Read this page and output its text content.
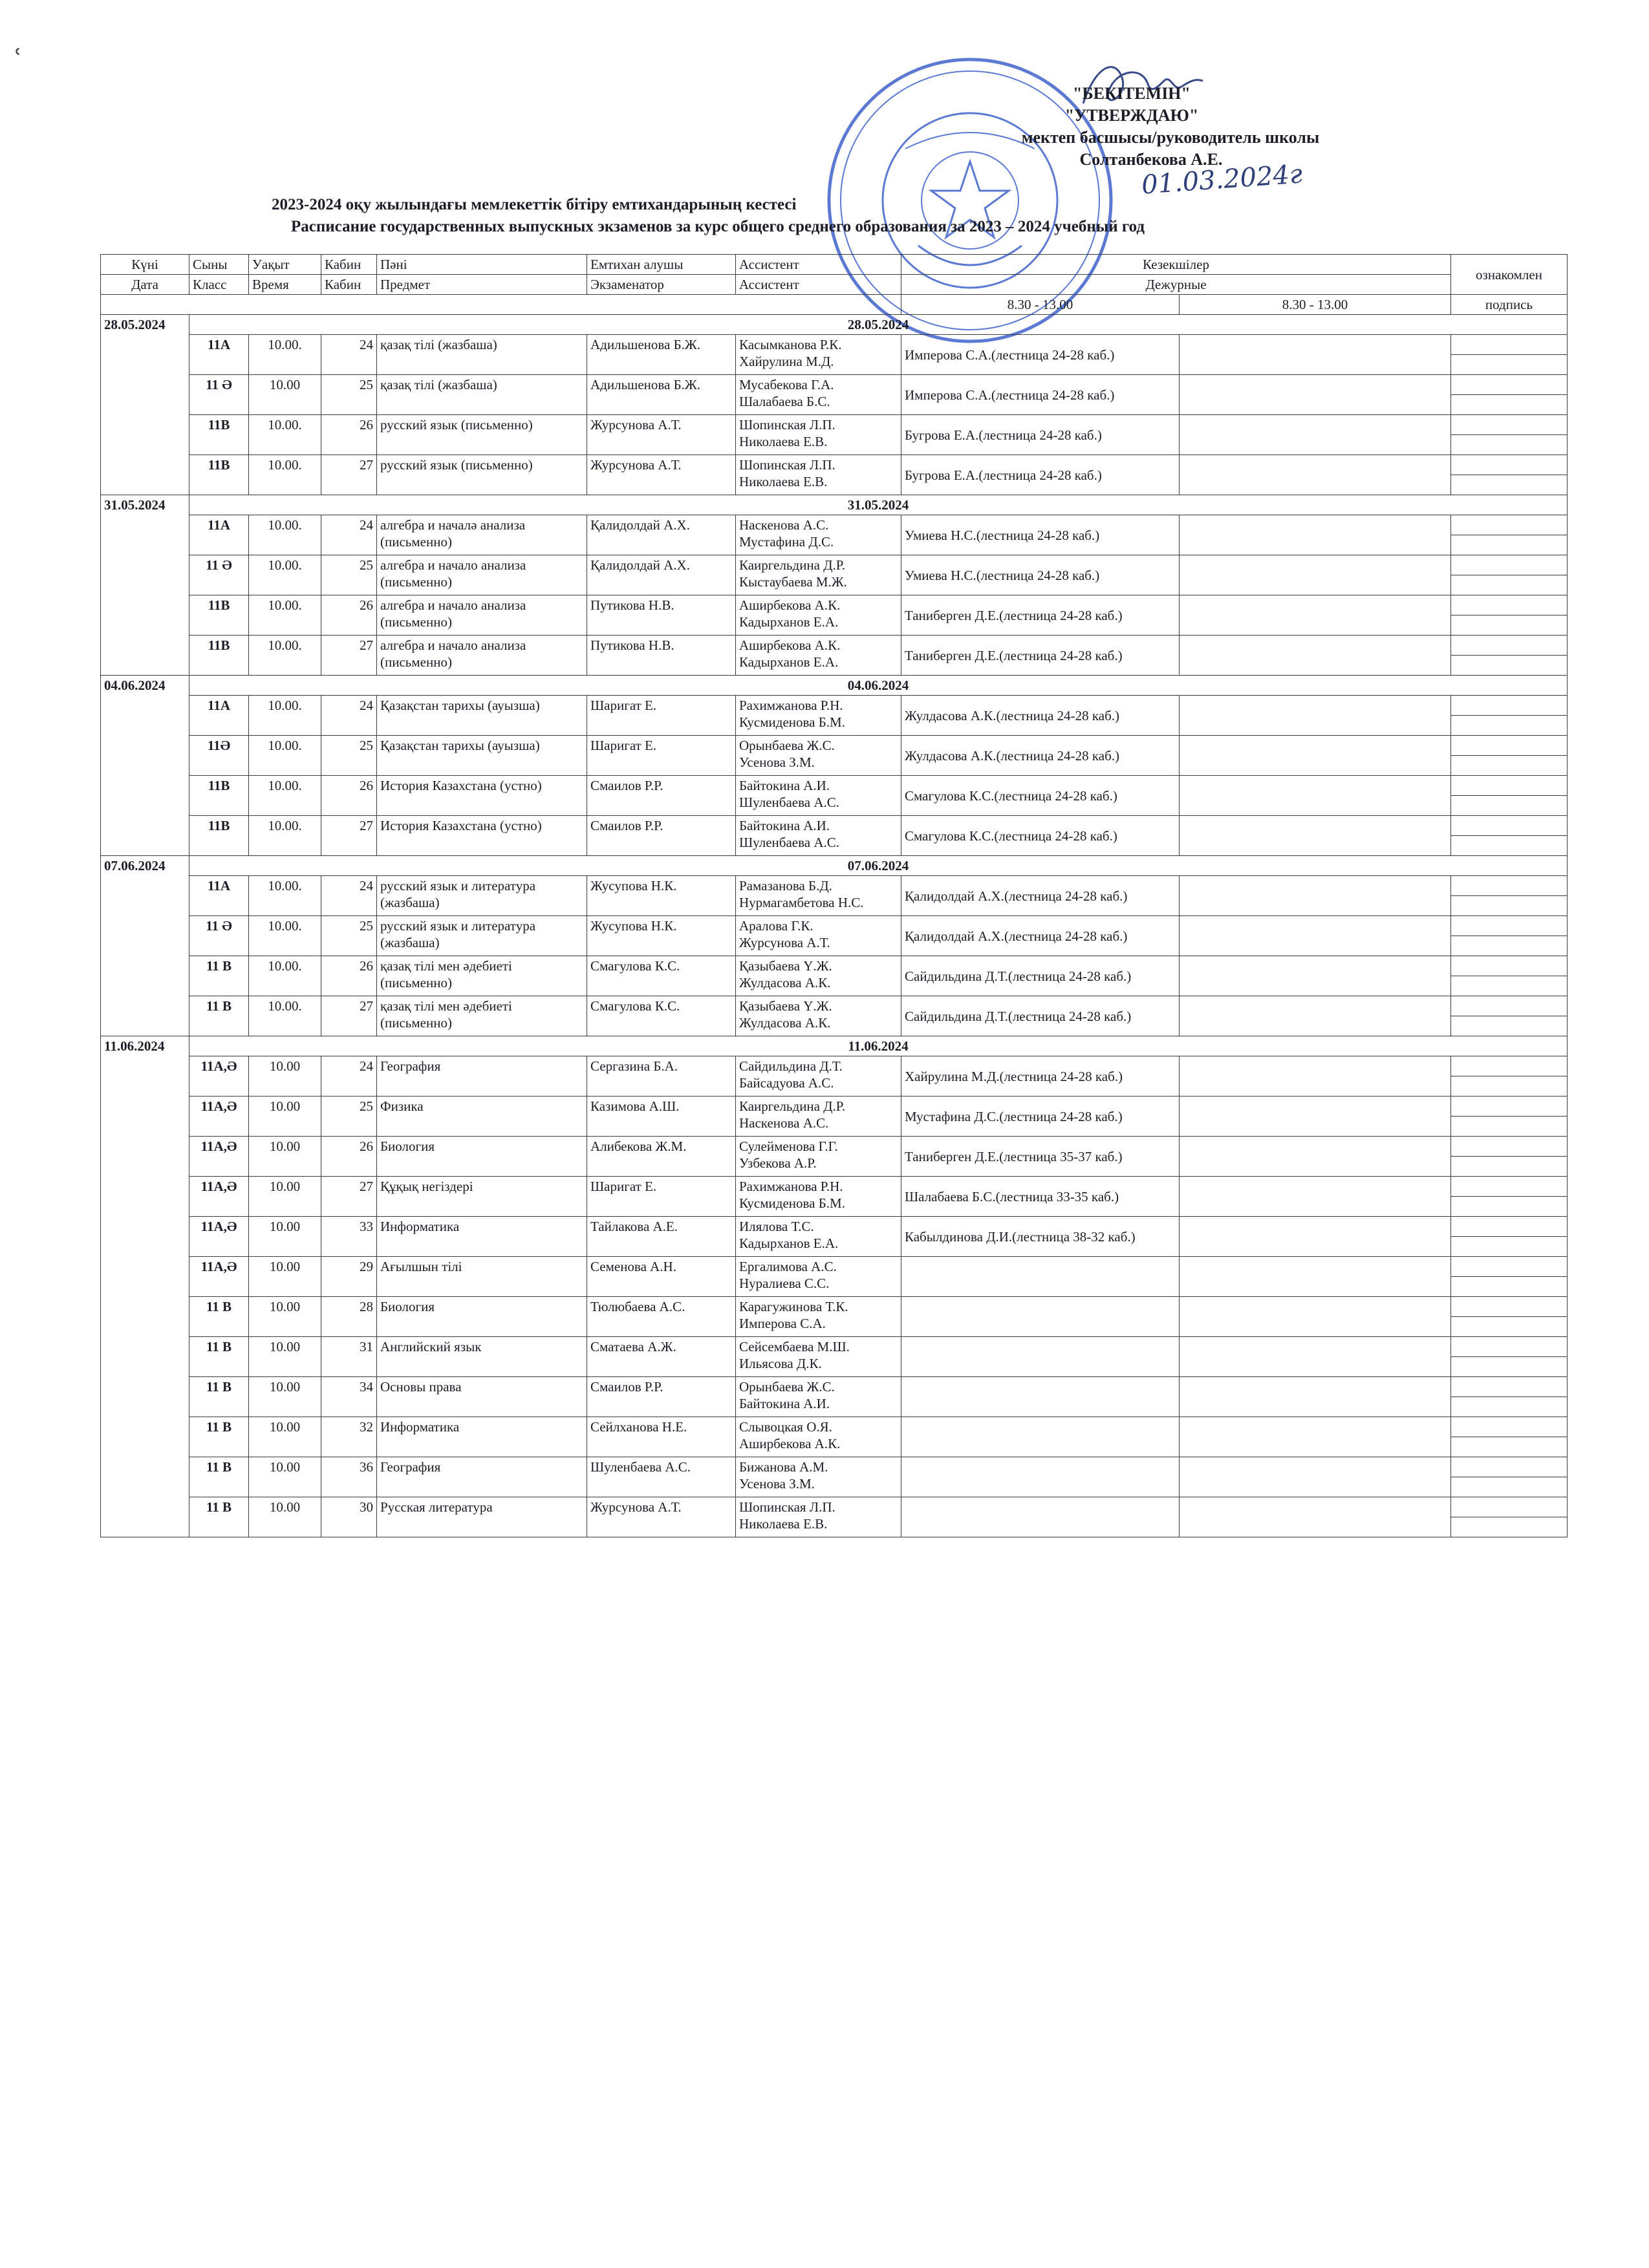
ՙ
"БЕКІТЕМІН"
"УТВЕРЖДАЮ"
мектеп басшысы/руководитель школы
Солтанбекова А.Е.
01.03.2024г
2023-2024 оқу жылындағы мемлекеттік бітіру емтихандарының кестесі
Расписание государственных выпускных экзаменов за курс общего среднего образования за 2023 – 2024 учебный год
Күні	Сыны	Уақыт	Кабин	Пәні	Емтихан алушы	Ассистент	Кезекшілер		ознакомлен
Дата	Класс	Время	Кабин	Предмет	Экзаменатор	Ассистент	Дежурные		
							8.30 - 13.00	8.30 - 13.00	подпись
28.05.2024	28.05.2024								
	11А	10.00.	24	қазақ тілі (жазбаша)	Адильшенова Б.Ж.	Касымканова Р.К.
Хайрулина М.Д.	Имперова С.А.(лестница 24-28 каб.)		

	11 Ә	10.00	25	қазақ тілі (жазбаша)	Адильшенова Б.Ж.	Мусабекова Г.А.
Шалабаева Б.С.	Имперова С.А.(лестница 24-28 каб.)		

	11В	10.00.	26	русский язык (письменно)	Журсунова А.Т.	Шопинская Л.П.
Николаева Е.В.	Бугрова Е.А.(лестница 24-28 каб.)		

	11В	10.00.	27	русский язык (письменно)	Журсунова А.Т.	Шопинская Л.П.
Николаева Е.В.	Бугрова Е.А.(лестница 24-28 каб.)		

31.05.2024	31.05.2024								
	11А	10.00.	24	алгебра и началә анализа (письменно)	Қалидолдай А.Х.	Наскенова А.С.
Мустафина Д.С.	Умиева Н.С.(лестница 24-28 каб.)		

	11 Ә	10.00.	25	алгебра и начало анализа (письменно)	Қалидолдай А.Х.	Каиргельдина Д.Р.
Кыстаубаева М.Ж.	Умиева Н.С.(лестница 24-28 каб.)		

	11В	10.00.	26	алгебра и начало анализа (письменно)	Путикова Н.В.	Аширбекова А.К.
Кадырханов Е.А.	Таниберген Д.Е.(лестница 24-28 каб.)		

	11В	10.00.	27	алгебра и начало анализа (письменно)	Путикова Н.В.	Аширбекова А.К.
Кадырханов Е.А.	Таниберген Д.Е.(лестница 24-28 каб.)		

04.06.2024	04.06.2024								
	11А	10.00.	24	Қазақстан тарихы (ауызша)	Шаригат Е.	Рахимжанова Р.Н.
Кусмиденова Б.М.	Жулдасова А.К.(лестница 24-28 каб.)		

	11Ә	10.00.	25	Қазақстан тарихы (ауызша)	Шаригат Е.	Орынбаева Ж.С.
Усенова З.М.	Жулдасова А.К.(лестница 24-28 каб.)		

	11В	10.00.	26	История Казахстана (устно)	Смаилов Р.Р.	Байтокина А.И.
Шуленбаева А.С.	Смагулова К.С.(лестница 24-28 каб.)		

	11В	10.00.	27	История Казахстана (устно)	Смаилов Р.Р.	Байтокина А.И.
Шуленбаева А.С.	Смагулова К.С.(лестница 24-28 каб.)		

07.06.2024	07.06.2024								
	11А	10.00.	24	русский язык и литература (жазбаша)	Жусупова Н.К.	Рамазанова Б.Д.
Нурмагамбетова Н.С.	Қалидолдай А.Х.(лестница 24-28 каб.)		

	11 Ә	10.00.	25	русский язык и литература (жазбаша)	Жусупова Н.К.	Аралова Г.К.
Журсунова А.Т.	Қалидолдай А.Х.(лестница 24-28 каб.)		

	11 В	10.00.	26	қазақ тілі мен әдебиеті (письменно)	Смагулова К.С.	Қазыбаева Ү.Ж.
Жулдасова А.К.	Сайдильдина Д.Т.(лестница 24-28 каб.)		

	11 В	10.00.	27	қазақ тілі мен әдебиеті (письменно)	Смагулова К.С.	Қазыбаева Ү.Ж.
Жулдасова А.К.	Сайдильдина Д.Т.(лестница 24-28 каб.)		

11.06.2024	11.06.2024								
	11А,Ә	10.00	24	География	Сергазина Б.А.	Сайдильдина Д.Т.
Байсадуова А.С.	Хайрулина М.Д.(лестница 24-28 каб.)		

	11А,Ә	10.00	25	Физика	Казимова А.Ш.	Каиргельдина Д.Р.
Наскенова А.С.	Мустафина Д.С.(лестница 24-28 каб.)		

	11А,Ә	10.00	26	Биология	Алибекова Ж.М.	Сулейменова Г.Г.
Узбекова А.Р.	Таниберген Д.Е.(лестница 35-37 каб.)		

	11А,Ә	10.00	27	Құқық негіздері	Шаригат Е.	Рахимжанова Р.Н.
Кусмиденова Б.М.	Шалабаева Б.С.(лестница 33-35 каб.)		

	11А,Ә	10.00	33	Информатика	Тайлакова А.Е.	Илялова Т.С.
Кадырханов Е.А.	Кабылдинова Д.И.(лестница 38-32 каб.)		

	11А,Ә	10.00	29	Ағылшын тілі	Семенова А.Н.	Ергалимова А.С.
Нуралиева С.С.			

	11 В	10.00	28	Биология	Тюлюбаева А.С.	Карагужинова Т.К.
Имперова С.А.			

	11 В	10.00	31	Английский язык	Сматаева А.Ж.	Сейсембаева М.Ш.
Ильясова Д.К.			

	11 В	10.00	34	Основы права	Смаилов Р.Р.	Орынбаева Ж.С.
Байтокина А.И.			

	11 В	10.00	32	Информатика	Сейлханова Н.Е.	Слывоцкая О.Я.
Аширбекова А.К.			

	11 В	10.00	36	География	Шуленбаева А.С.	Бижанова А.М.
Усенова З.М.			

	11 В	10.00	30	Русская литература	Журсунова А.Т.	Шопинская Л.П.
Николаева Е.В.			
